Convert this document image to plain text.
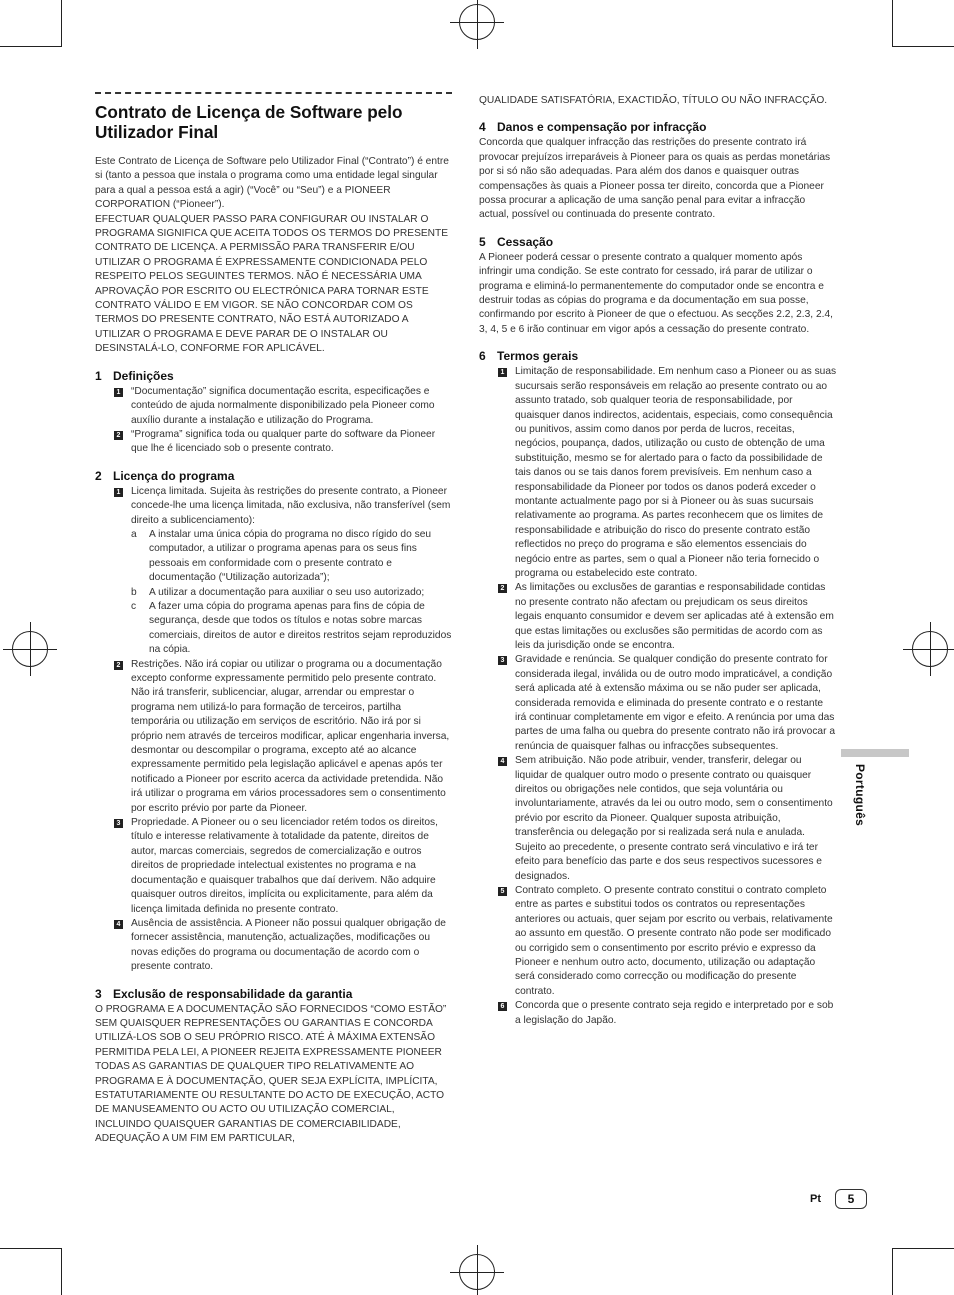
Contrato de Licença de Software pelo Utilizador Final

Este Contrato de Licença de Software pelo Utilizador Final (“Contrato”) é entre si (tanto a pessoa que instala o programa como uma entidade legal singular para a qual a pessoa está a agir) (“Você” ou “Seu”) e a PIONEER CORPORATION (“Pioneer”).

EFECTUAR QUALQUER PASSO PARA CONFIGURAR OU INSTALAR O PROGRAMA SIGNIFICA QUE ACEITA TODOS OS TERMOS DO PRESENTE CONTRATO DE LICENÇA. A PERMISSÃO PARA TRANSFERIR E/OU UTILIZAR O PROGRAMA É EXPRESSAMENTE CONDICIONADA PELO RESPEITO PELOS SEGUINTES TERMOS. NÃO É NECESSÁRIA UMA APROVAÇÃO POR ESCRITO OU ELECTRÓNICA PARA TORNAR ESTE CONTRATO VÁLIDO E EM VIGOR. SE NÃO CONCORDAR COM OS TERMOS DO PRESENTE CONTRATO, NÃO ESTÁ AUTORIZADO A UTILIZAR O PROGRAMA E DEVE PARAR DE O INSTALAR OU DESINSTALÁ-LO, CONFORME FOR APLICÁVEL.

1 Definições
1 “Documentação” significa documentação escrita, especificações e conteúdo de ajuda normalmente disponibilizado pela Pioneer como auxílio durante a instalação e utilização do Programa.
2 “Programa” significa toda ou qualquer parte do software da Pioneer que lhe é licenciado sob o presente contrato.
2 Licença do programa
1 Licença limitada. Sujeita às restrições do presente contrato, a Pioneer concede-lhe uma licença limitada, não exclusiva, não transferível (sem direito a sublicenciamento):
a A instalar uma única cópia do programa no disco rígido do seu computador, a utilizar o programa apenas para os seus fins pessoais em conformidade com o presente contrato e documentação (“Utilização autorizada”);
b A utilizar a documentação para auxiliar o seu uso autorizado;
c A fazer uma cópia do programa apenas para fins de cópia de segurança, desde que todos os títulos e notas sobre marcas comerciais, direitos de autor e direitos restritos sejam reproduzidos na cópia.
2 Restrições. Não irá copiar ou utilizar o programa ou a documentação excepto conforme expressamente permitido pelo presente contrato. Não irá transferir, sublicenciar, alugar, arrendar ou emprestar o programa nem utilizá-lo para formação de terceiros, partilha temporária ou utilização em serviços de escritório. Não irá por si próprio nem através de terceiros modificar, aplicar engenharia inversa, desmontar ou descompilar o programa, excepto até ao alcance expressamente permitido pela legislação aplicável e apenas após ter notificado a Pioneer por escrito acerca da actividade pretendida. Não irá utilizar o programa em vários processadores sem o consentimento por escrito prévio por parte da Pioneer.
3 Propriedade. A Pioneer ou o seu licenciador retém todos os direitos, título e interesse relativamente à totalidade da patente, direitos de autor, marcas comerciais, segredos de comercialização e outros direitos de propriedade intelectual existentes no programa e na documentação e quaisquer trabalhos que daí derivem. Não adquire quaisquer outros direitos, implícita ou explicitamente, para além da licença limitada definida no presente contrato.
4 Ausência de assistência. A Pioneer não possui qualquer obrigação de fornecer assistência, manutenção, actualizações, modificações ou novas edições do programa ou documentação de acordo com o presente contrato.
3 Exclusão de responsabilidade da garantia

O PROGRAMA E A DOCUMENTAÇÃO SÃO FORNECIDOS “COMO ESTÃO” SEM QUAISQUER REPRESENTAÇÕES OU GARANTIAS E CONCORDA UTILIZÁ-LOS SOB O SEU PRÓPRIO RISCO. ATÉ À MÁXIMA EXTENSÃO PERMITIDA PELA LEI, A PIONEER REJEITA EXPRESSAMENTE PIONEER TODAS AS GARANTIAS DE QUALQUER TIPO RELATIVAMENTE AO PROGRAMA E À DOCUMENTAÇÃO, QUER SEJA EXPLÍCITA, IMPLÍCITA, ESTATUTARIAMENTE OU RESULTANTE DO ACTO DE EXECUÇÃO, ACTO DE MANUSEAMENTO OU ACTO OU UTILIZAÇÃO COMERCIAL, INCLUINDO QUAISQUER GARANTIAS DE COMERCIABILIDADE, ADEQUAÇÃO A UM FIM EM PARTICULAR,

QUALIDADE SATISFATÓRIA, EXACTIDÃO, TÍTULO OU NÃO INFRACÇÃO.

4 Danos e compensação por infracção

Concorda que qualquer infracção das restrições do presente contrato irá provocar prejuízos irreparáveis à Pioneer para os quais as perdas monetárias por si só não são adequadas. Para além dos danos e quaisquer outras compensações às quais a Pioneer possa ter direito, concorda que a Pioneer possa procurar a aplicação de uma sanção penal para evitar a infracção actual, possível ou continuada do presente contrato.

5 Cessação

A Pioneer poderá cessar o presente contrato a qualquer momento após infringir uma condição. Se este contrato for cessado, irá parar de utilizar o programa e eliminá-lo permanentemente do computador onde se encontra e destruir todas as cópias do programa e da documentação em sua posse, confirmando por escrito à Pioneer de que o efectuou. As secções 2.2, 2.3, 2.4, 3, 4, 5 e 6 irão continuar em vigor após a cessação do presente contrato.

6 Termos gerais
1 Limitação de responsabilidade. Em nenhum caso a Pioneer ou as suas sucursais serão responsáveis em relação ao presente contrato ou ao assunto tratado, sob qualquer teoria de responsabilidade, por quaisquer danos indirectos, acidentais, especiais, como consequência ou punitivos, assim como danos por perda de lucros, receitas, negócios, poupança, dados, utilização ou custo de obtenção de uma substituição, mesmo se for alertado para o facto da possibilidade de tais danos ou se tais danos forem previsíveis. Em nenhum caso a responsabilidade da Pioneer por todos os danos poderá exceder o montante actualmente pago por si à Pioneer ou às suas sucursais relativamente ao programa. As partes reconhecem que os limites de responsabilidade e atribuição do risco do presente contrato estão reflectidos no preço do programa e são elementos essenciais do negócio entre as partes, sem o qual a Pioneer não teria fornecido o programa ou estabelecido este contrato.
2 As limitações ou exclusões de garantias e responsabilidade contidas no presente contrato não afectam ou prejudicam os seus direitos legais enquanto consumidor e devem ser aplicadas até à extensão em que estas limitações ou exclusões são permitidas de acordo com as leis da jurisdição onde se encontra.
3 Gravidade e renúncia. Se qualquer condição do presente contrato for considerada ilegal, inválida ou de outro modo impraticável, a condição será aplicada até à extensão máxima ou se não puder ser aplicada, considerada removida e eliminada do presente contrato e o restante irá continuar completamente em vigor e efeito. A renúncia por uma das partes de uma falha ou quebra do presente contrato não irá provocar a renúncia de quaisquer falhas ou infracções subsequentes.
4 Sem atribuição. Não pode atribuir, vender, transferir, delegar ou liquidar de qualquer outro modo o presente contrato ou quaisquer direitos ou obrigações nele contidos, que seja voluntária ou involuntariamente, através da lei ou outro modo, sem o consentimento prévio por escrito da Pioneer. Qualquer suposta atribuição, transferência ou delegação por si realizada será nula e anulada. Sujeito ao precedente, o presente contrato será vinculativo e irá ter efeito para benefício das parte e dos seus respectivos sucessores e designados.
5 Contrato completo. O presente contrato constitui o contrato completo entre as partes e substitui todos os contratos ou representações anteriores ou actuais, quer sejam por escrito ou verbais, relativamente ao assunto em questão. O presente contrato não pode ser modificado ou corrigido sem o consentimento por escrito prévio e expresso da Pioneer e nenhum outro acto, documento, utilização ou adaptação será considerado como correcção ou modificação do presente contrato.
6 Concorda que o presente contrato seja regido e interpretado por e sob a legislação do Japão.
Português
Pt	5
